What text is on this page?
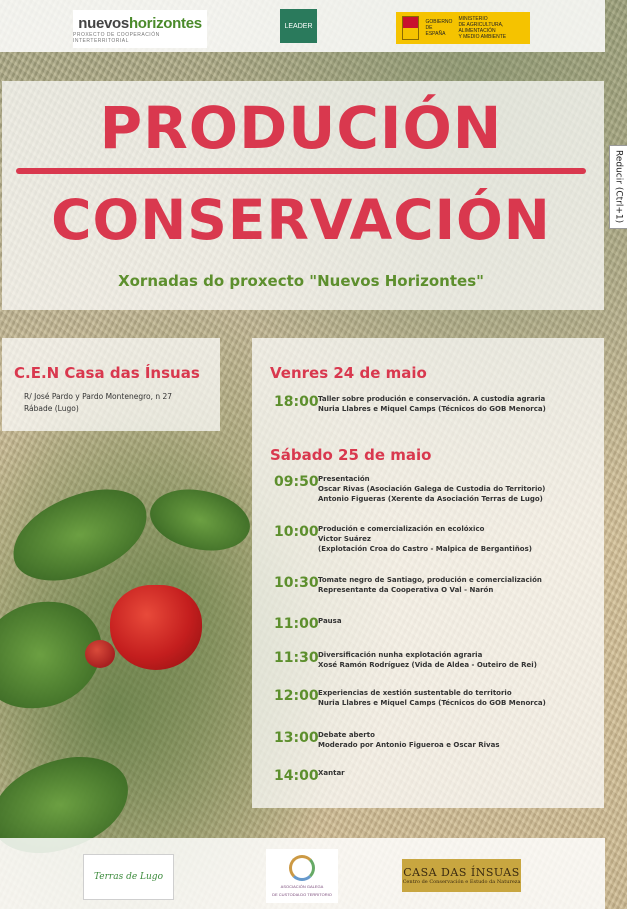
nuevoshorizontes
PROXECTO DE COOPERACIÓN INTERTERRITORIAL
LEADER
GOBIERNO
DE ESPAÑA
MINISTERIO
DE AGRICULTURA, ALIMENTACIÓN
Y MEDIO AMBIENTE
PRODUCIÓN
CONSERVACIÓN
Xornadas do proxecto "Nuevos Horizontes"
C.E.N Casa das Ínsuas
R/ José Pardo y Pardo Montenegro, n 27
Rábade (Lugo)
Venres 24 de maio
18:00 Taller sobre produción e conservación. A custodia agraria
Nuria Llabres e Miquel Camps (Técnicos do GOB Menorca)
Sábado 25 de maio
09:50 Presentación
Oscar Rivas (Asociación Galega de Custodia do Territorio)
Antonio Figueras (Xerente da Asociación Terras de Lugo)
10:00 Produción e comercialización en ecolóxico
Victor Suárez
(Explotación Croa do Castro - Malpica de Bergantiños)
10:30 Tomate negro de Santiago, produción e comercialización
Representante da Cooperativa O Val - Narón
11:00 Pausa
11:30 Diversificación nunha explotación agraria
Xosé Ramón Rodríguez (Vida de Aldea - Outeiro de Rei)
12:00 Experiencias de xestión sustentable do territorio
Nuria Llabres e Miquel Camps (Técnicos do GOB Menorca)
13:00 Debate aberto
Moderado por Antonio Figueroa e Oscar Rivas
14:00 Xantar
Terras de Lugo
ASOCIACIÓN GALEGA
DE CUSTODIA DO TERRITORIO
CASA DAS ÍNSUAS
Centro de Conservación e Estudo da Natureza
Reducir (Ctrl+1)
